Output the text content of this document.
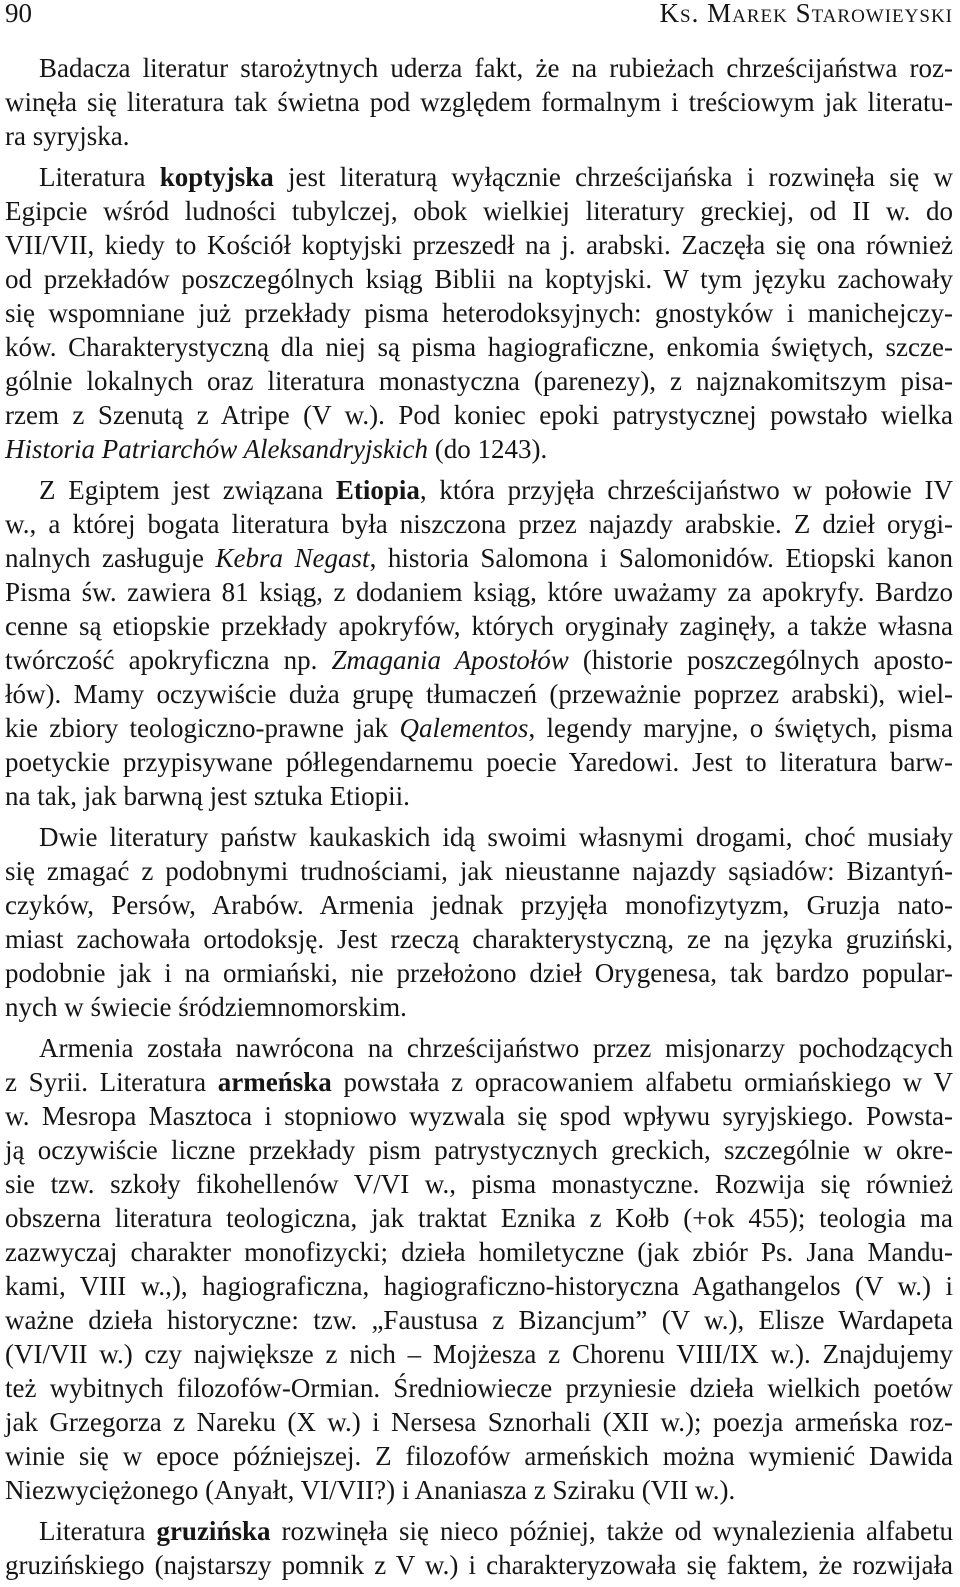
90	Ks. Marek Starowieyski
Badacza literatur starożytnych uderza fakt, że na rubieżach chrześcijaństwa roz-
winęła się literatura tak świetna pod względem formalnym i treściowym jak literatu-
ra syryjska.
Literatura koptyjska jest literaturą wyłącznie chrześcijańska i rozwinęła się w
Egipcie wśród ludności tubylczej, obok wielkiej literatury greckiej, od II w. do
VII/VII, kiedy to Kościół koptyjski przeszedł na j. arabski. Zaczęła się ona również
od przekładów poszczególnych ksiąg Biblii na koptyjski. W tym języku zachowały
się wspomniane już przekłady pisma heterodoksyjnych: gnostyków i manichejczy-
ków. Charakterystyczną dla niej są pisma hagiograficzne, enkomia świętych, szcze-
gólnie lokalnych oraz literatura monastyczna (parenezy), z najznakomitszym pisa-
rzem z Szenutą z Atripe (V w.). Pod koniec epoki patrystycznej powstało wielka
Historia Patriarchów Aleksandryjskich (do 1243).
Z Egiptem jest związana Etiopia, która przyjęła chrześcijaństwo w połowie IV
w., a której bogata literatura była niszczona przez najazdy arabskie. Z dzieł orygi-
nalnych zasługuje Kebra Negast, historia Salomona i Salomonidów. Etiopski kanon
Pisma św. zawiera 81 ksiąg, z dodaniem ksiąg, które uważamy za apokryfy. Bardzo
cenne są etiopskie przekłady apokryfów, których oryginały zaginęły, a także własna
twórczość apokryficzna np. Zmagania Apostołów (historie poszczególnych aposto-
łów). Mamy oczywiście duża grupę tłumaczeń (przeważnie poprzez arabski), wiel-
kie zbiory teologiczno-prawne jak Qalementos, legendy maryjne, o świętych, pisma
poetyckie przypisywane półlegendarnemu poecie Yaredowi. Jest to literatura barw-
na tak, jak barwną jest sztuka Etiopii.
Dwie literatury państw kaukaskich idą swoimi własnymi drogami, choć musiały
się zmagać z podobnymi trudnościami, jak nieustanne najazdy sąsiadów: Bizantyń-
czyków, Persów, Arabów. Armenia jednak przyjęła monofizytyzm, Gruzja nato-
miast zachowała ortodoksję. Jest rzeczą charakterystyczną, ze na języka gruziński,
podobnie jak i na ormiański, nie przełożono dzieł Orygenesa, tak bardzo popular-
nych w świecie śródziemnomorskim.
Armenia została nawrócona na chrześcijaństwo przez misjonarzy pochodzących
z Syrii. Literatura armeńska powstała z opracowaniem alfabetu ormiańskiego w V
w. Mesropa Masztoca i stopniowo wyzwala się spod wpływu syryjskiego. Powsta-
ją oczywiście liczne przekłady pism patrystycznych greckich, szczególnie w okre-
sie tzw. szkoły fikohellenów V/VI w., pisma monastyczne. Rozwija się również
obszerna literatura teologiczna, jak traktat Eznika z Kołb (+ok 455); teologia ma
zazwyczaj charakter monofizycki; dzieła homiletyczne (jak zbiór Ps. Jana Mandu-
kami, VIII w.,), hagiograficzna, hagiograficzno-historyczna Agathangelos (V w.) i
ważne dzieła historyczne: tzw. „Faustusa z Bizancjum” (V w.), Elisze Wardapeta
(VI/VII w.) czy największe z nich – Mojżesza z Chorenu VIII/IX w.). Znajdujemy
też wybitnych filozofów-Ormian. Średniowiecze przyniesie dzieła wielkich poetów
jak Grzegorza z Nareku (X w.) i Nersesa Sznorhali (XII w.); poezja armeńska roz-
winie się w epoce późniejszej. Z filozofów armeńskich można wymienić Dawida
Niezwyciężonego (Anyałt, VI/VII?) i Ananiasza z Sziraku (VII w.).
Literatura gruzińska rozwinęła się nieco później, także od wynalezienia alfabetu
gruzińskiego (najstarszy pomnik z V w.) i charakteryzowała się faktem, że rozwijała
